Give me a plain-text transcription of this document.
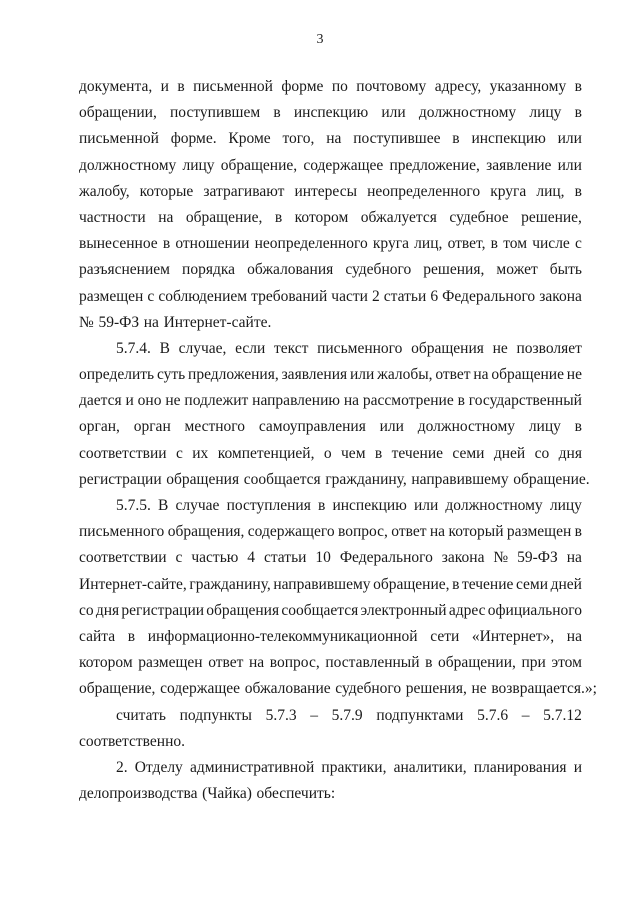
3
документа, и в письменной форме по почтовому адресу, указанному в
обращении, поступившем в инспекцию или должностному лицу в
письменной форме. Кроме того, на поступившее в инспекцию или
должностному лицу обращение, содержащее предложение, заявление или
жалобу, которые затрагивают интересы неопределенного круга лиц, в
частности на обращение, в котором обжалуется судебное решение,
вынесенное в отношении неопределенного круга лиц, ответ, в том числе с
разъяснением порядка обжалования судебного решения, может быть
размещен с соблюдением требований части 2 статьи 6 Федерального закона
№ 59-ФЗ на Интернет-сайте.
5.7.4. В случае, если текст письменного обращения не позволяет
определить суть предложения, заявления или жалобы, ответ на обращение не
дается и оно не подлежит направлению на рассмотрение в государственный
орган, орган местного самоуправления или должностному лицу в
соответствии с их компетенцией, о чем в течение семи дней со дня
регистрации обращения сообщается гражданину, направившему обращение.
5.7.5. В случае поступления в инспекцию или должностному лицу
письменного обращения, содержащего вопрос, ответ на который размещен в
соответствии с частью 4 статьи 10 Федерального закона № 59-ФЗ на
Интернет-сайте, гражданину, направившему обращение, в течение семи дней
со дня регистрации обращения сообщается электронный адрес официального
сайта в информационно-телекоммуникационной сети «Интернет», на
котором размещен ответ на вопрос, поставленный в обращении, при этом
обращение, содержащее обжалование судебного решения, не возвращается.»;
считать подпункты 5.7.3 – 5.7.9 подпунктами 5.7.6 – 5.7.12
соответственно.
2. Отделу административной практики, аналитики, планирования и
делопроизводства (Чайка) обеспечить:
